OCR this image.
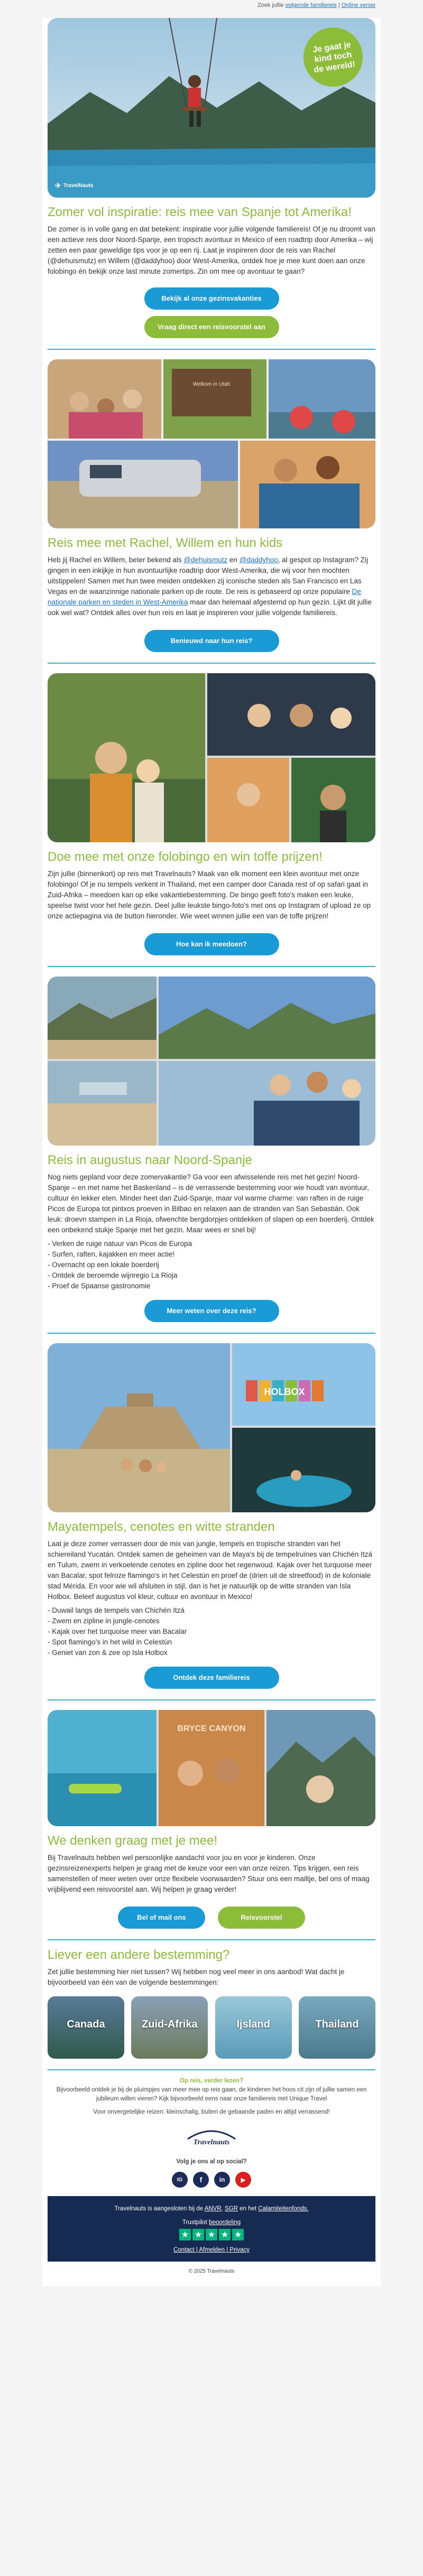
Zoek jullie volgende familiereis | Online versie
Je gaat je kind toch de wereld!
✈ TravelNauts
Zomer vol inspiratie: reis mee van Spanje tot Amerika!

De zomer is in volle gang en dat betekent: inspiratie voor jullie volgende familiereis! Of je nu droomt van een actieve reis door Noord-Spanje, een tropisch avontuur in Mexico of een roadtrip door Amerika – wij zetten een paar geweldige tips voor je op een rij. Laat je inspireren door de reis van Rachel (@dehuismutz) en Willem (@daddyhoo) door West-Amerika, ontdek hoe je mee kunt doen aan onze folobingo én bekijk onze last minute zomertips. Zin om mee op avontuur te gaan?

Bekijk al onze gezinsvakanties
Vraag direct een reisvoorstel aan
Welkom in Utah
Reis mee met Rachel, Willem en hun kids

Heb jij Rachel en Willem, beter bekend als @dehuismutz en @daddyhoo, al gespot op Instagram? Zij gingen in een inkijkje in hun avontuurlijke roadtrip door West-Amerika, die wij voor hen mochten uitstippelen! Samen met hun twee meiden ontdekken zij iconische steden als San Francisco en Las Vegas en de waanzinnige nationale parken op de route. De reis is gebaseerd op onze populaire De nationale parken en steden in West-Amerika maar dan helemaal afgestemd op hun gezin. Lijkt dit jullie ook wel wat? Ontdek alles over hun reis en laat je inspireren voor jullie volgende familiereis.

Benieuwd naar hun reis?
Doe mee met onze folobingo en win toffe prijzen!

Zijn jullie (binnenkort) op reis met Travelnauts? Maak van elk moment een klein avontuur met onze folobingo! Of je nu tempels verkent in Thailand, met een camper door Canada rest of op safari gaat in Zuid-Afrika – meedoen kan op elke vakantiebestemming. De bingo geeft foto's maken een leuke, speelse twist voor het hele gezin. Deel jullie leukste bingo-foto's met ons op Instagram of upload ze op onze actiepagina via de button hieronder. Wie weet winnen jullie een van de toffe prijzen!

Hoe kan ik meedoen?
Reis in augustus naar Noord-Spanje

Nog niets gepland voor deze zomervakantie? Ga voor een afwisselende reis met het gezin! Noord-Spanje – en met name het Baskenland – is dé verrassende bestemming voor wie houdt van avontuur, cultuur én lekker eten. Minder heet dan Zuid-Spanje, maar vol warme charme: van raften in de ruige Picos de Europa tot pintxos proeven in Bilbao en relaxen aan de stranden van San Sebastián. Ook leuk: droevn stampen in La Rioja, ofwenchte bergdorpjes ontdekken of slapen op een boerderij. Ontdek een onbekend stukje Spanje met het gezin. Maar wees er snel bij!

- Verken de ruige natuur van Picos de Europa
- Surfen, raften, kajakken en meer actie!
- Overnacht op een lokale boerderij
- Ontdek de beroemde wijnregio La Rioja
- Proef de Spaanse gastronomie
Meer weten over deze reis?
HOLBOX
Mayatempels, cenotes en witte stranden

Laat je deze zomer verrassen door de mix van jungle, tempels en tropische stranden van het schiereiland Yucatán. Ontdek samen de geheimen van de Maya's bij de tempelruïnes van Chichén Itzá en Tulum, zwem in verkoelende cenotes en zipline door het regenwoud. Kajak over het turquoise meer van Bacalar, spot felroze flamingo's in het Celestún en proef de (drien uit de streetfood) in de koloniale stad Mérida. En voor wie wil afsluiten in stijl, dan is het je natuurlijk op de witte stranden van Isla Holbox. Beleef augustus vol kleur, cultuur en avontuur in Mexico!

- Duwail langs de tempels van Chichén Itzá
- Zwem en zipline in jungle-cenotes
- Kajak over het turquoise meer van Bacalar
- Spot flamingo's in het wild in Celestún
- Geniet van zon & zee op Isla Holbox
Ontdek deze familiereis
BRYCE CANYON
We denken graag met je mee!

Bij Travelnauts hebben wel persoonlijke aandacht voor jou en voor je kinderen. Onze gezinsreizenexperts helpen je graag met de keuze voor een van onze reizen. Tips krijgen, een reis samenstellen of meer weten over onze flexibele voorwaarden? Stuur ons een mailtje, bel ons of maag vrijblijvend een reisvoorstel aan. Wij helpen je graag verder!

Bel of mail ons	Reisvoorstel
Liever een andere bestemming?

Zet jullie bestemming hier niet tussen? Wij hebben nog veel meer in ons aanbod! Wat dacht je bijvoorbeeld van één van de volgende bestemmingen:

Canada	Zuid-Afrika	Ijsland	Thailand
Op reis, verder lezen?
Bijvoorbeeld ontdek je bij de pluimpjes van meer mee op reis gaan, de kinderen het hoos cit zijn of jullie samen een
jubileum willen vieren? Kijk bijvoorbeeld eens naar onze familiereis met Unique Travel
Voor onvergetelijke reizen: kleinschalig, buiten de gebaande paden en altijd verrassend!
Travelnauts
Volg je ons al op social?
IG	f	in	▶
Travelnauts is aangesloten bij de ANVR, SGR en het Calamiteitenfonds.
Trustpilot beoordeling
★ ★ ★ ★ ★
Contact | Afmelden | Privacy
© 2025 Travelnauts
